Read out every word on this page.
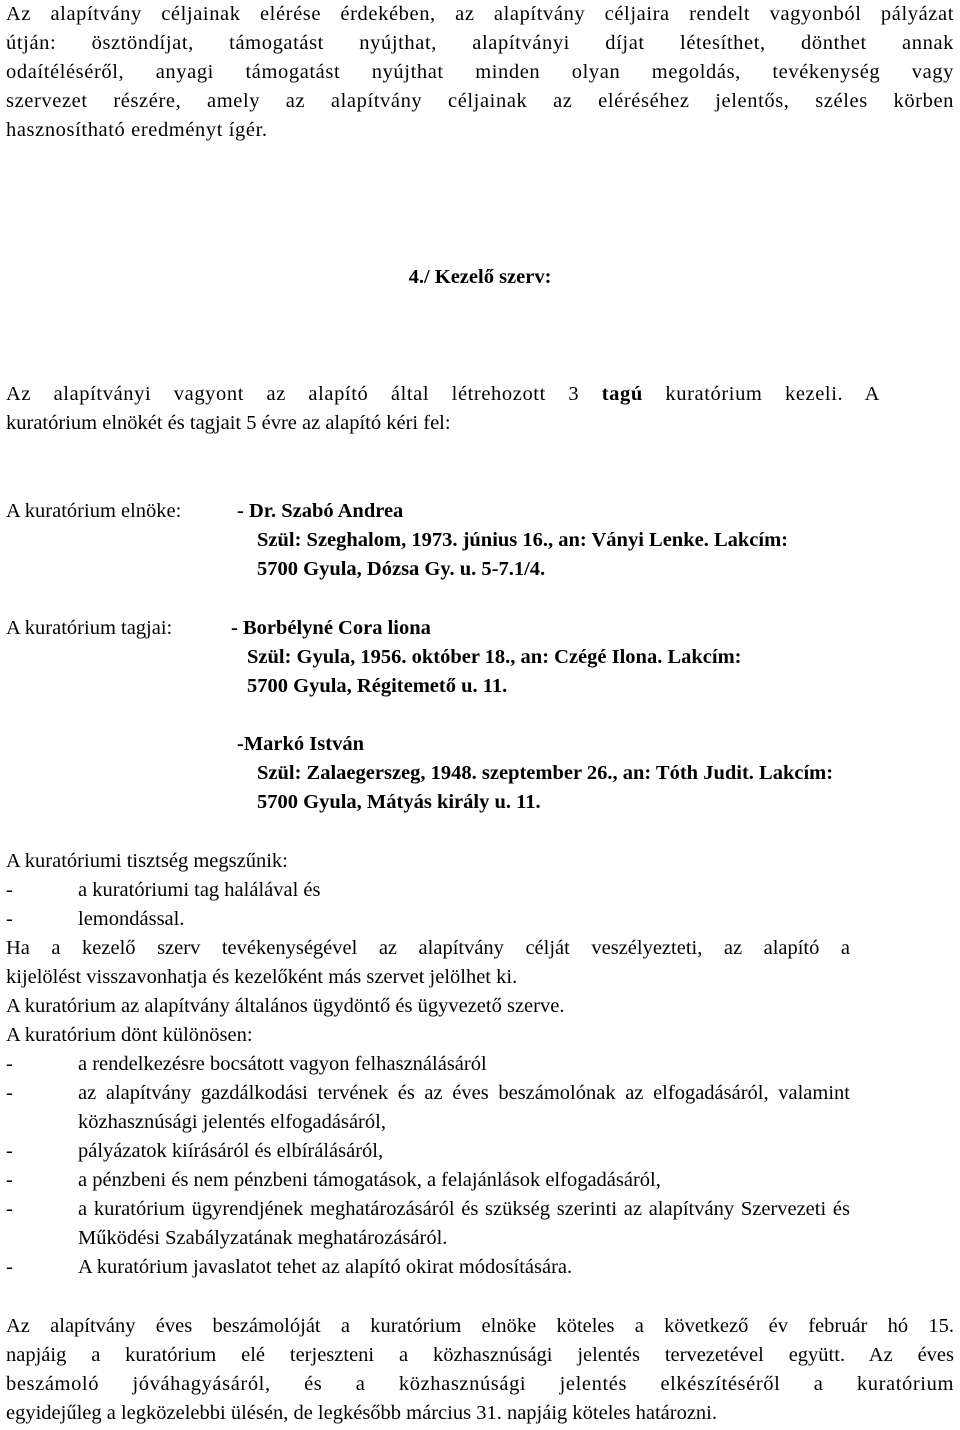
Az alapítvány céljainak elérése érdekében, az alapítvány céljaira rendelt vagyonból pályázat
útján: ösztöndíjat, támogatást nyújthat, alapítványi díjat létesíthet, dönthet annak
odaítéléséről, anyagi támogatást nyújthat minden olyan megoldás, tevékenység vagy
szervezet részére, amely az alapítvány céljainak az eléréséhez jelentős, széles körben
hasznosítható eredményt ígér.
4./ Kezelő szerv:
Az alapítványi vagyont az alapító által létrehozott 3 tagú kuratórium kezeli. A
kuratórium elnökét és tagjait 5 évre az alapító kéri fel:
A kuratórium elnöke:	- Dr. Szabó Andrea
Szül: Szeghalom, 1973. június 16., an: Ványi Lenke. Lakcím:
5700 Gyula, Dózsa Gy. u. 5-7.1/4.
A kuratórium tagjai:	- Borbélyné Cora liona
Szül: Gyula, 1956. október 18., an: Czégé Ilona. Lakcím:
5700 Gyula, Régitemető u. 11.
-Markó István
Szül: Zalaegerszeg, 1948. szeptember 26., an: Tóth Judit. Lakcím:
5700 Gyula, Mátyás király u. 11.
A kuratóriumi tisztség megszűnik:
-	a kuratóriumi tag halálával és
-	lemondással.
Ha a kezelő szerv tevékenységével az alapítvány célját veszélyezteti, az alapító a
kijelölést visszavonhatja és kezelőként más szervet jelölhet ki.
A kuratórium az alapítvány általános ügydöntő és ügyvezető szerve.
A kuratórium dönt különösen:
-	a rendelkezésre bocsátott vagyon felhasználásáról
-	az alapítvány gazdálkodási tervének és az éves beszámolónak az elfogadásáról, valamint közhasznúsági jelentés elfogadásáról,
-	pályázatok kiírásáról és elbírálásáról,
-	a pénzbeni és nem pénzbeni támogatások, a felajánlások elfogadásáról,
-	a kuratórium ügyrendjének meghatározásáról és szükség szerinti az alapítvány Szervezeti és Működési Szabályzatának meghatározásáról.
-	A kuratórium javaslatot tehet az alapító okirat módosítására.
Az alapítvány éves beszámolóját a kuratórium elnöke köteles a következő év február hó 15.
napjáig a kuratórium elé terjeszteni a közhasznúsági jelentés tervezetével együtt. Az éves
beszámoló jóváhagyásáról, és a közhasznúsági jelentés elkészítéséről a kuratórium
egyidejűleg a legközelebbi ülésén, de legkésőbb március 31. napjáig köteles határozni.
